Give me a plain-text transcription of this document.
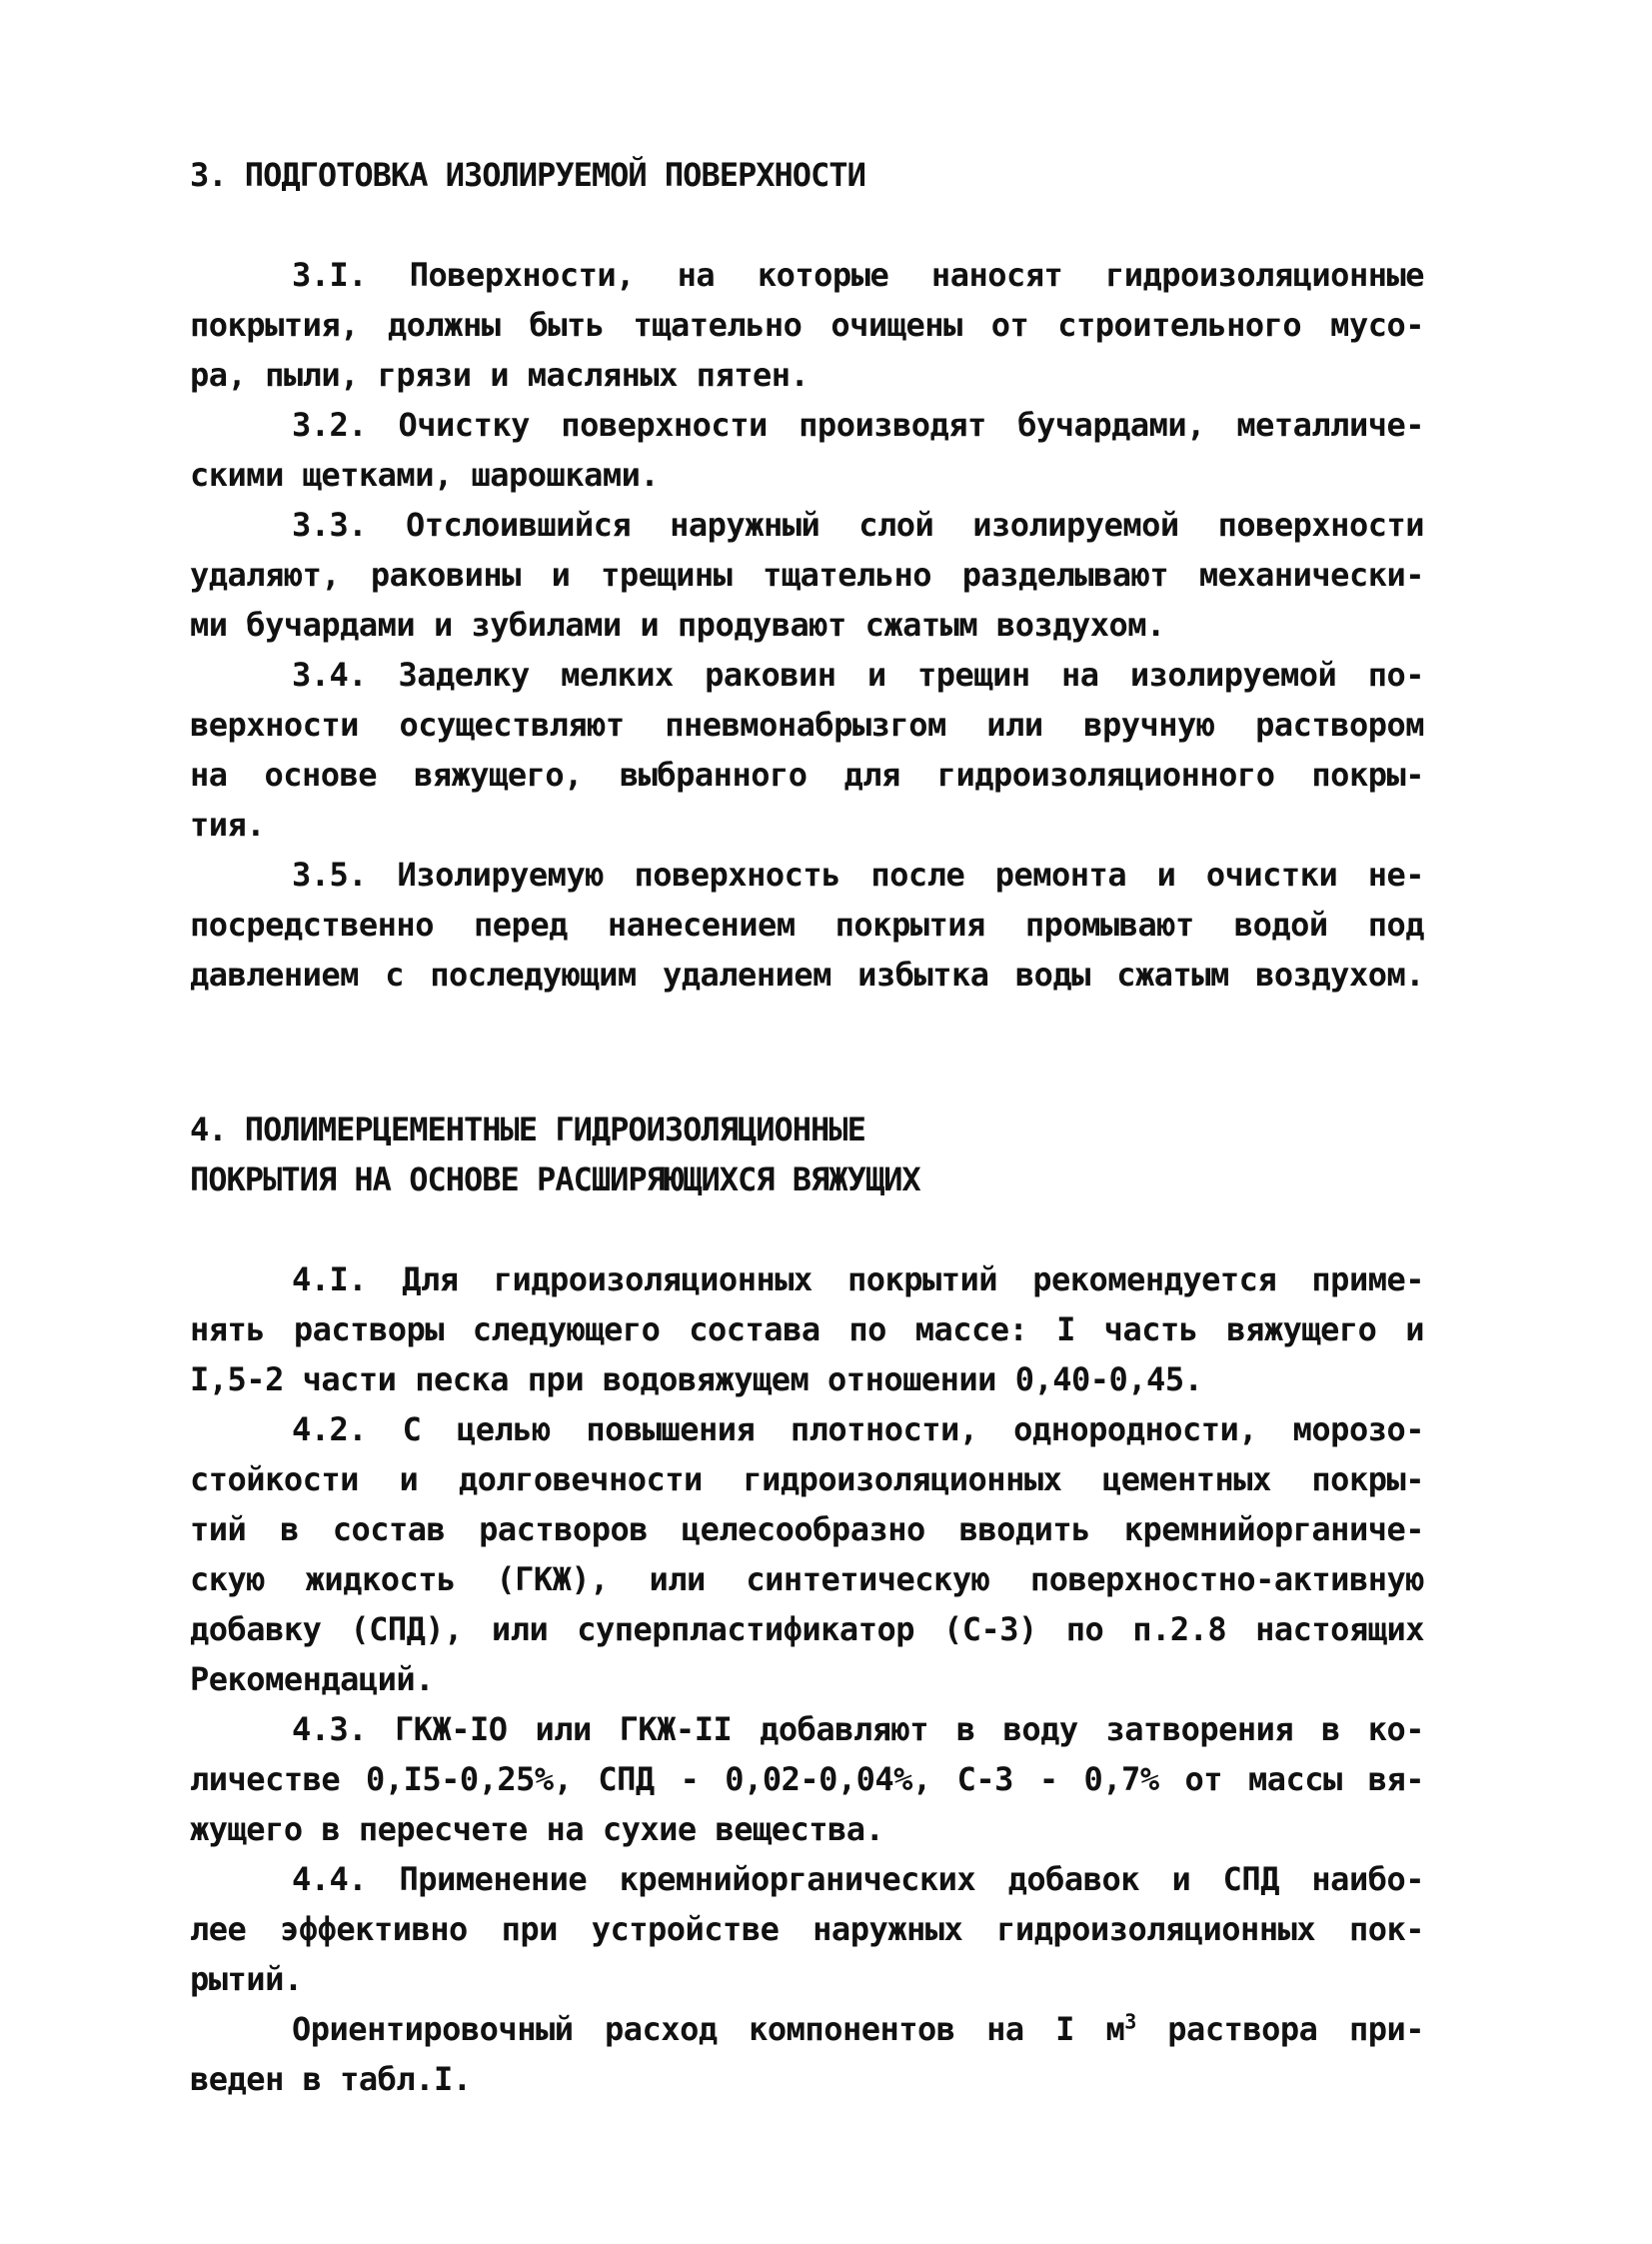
3. ПОДГОТОВКА ИЗОЛИРУЕМОЙ ПОВЕРХНОСТИ

3.I. Поверхности, на которые наносят гидроизоляционные

покрытия, должны быть тщательно очищены от строительного мусо-

ра, пыли, грязи и масляных пятен.

3.2. Очистку поверхности производят бучардами, металличе-

скими щетками, шарошками.

3.3. Отслоившийся наружный слой изолируемой поверхности

удаляют, раковины и трещины тщательно разделывают механически-

ми бучардами и зубилами и продувают сжатым воздухом.

3.4. Заделку мелких раковин и трещин на изолируемой по-

верхности осуществляют пневмонабрызгом или вручную раствором

на основе вяжущего, выбранного для гидроизоляционного покры-

тия.

3.5. Изолируемую поверхность после ремонта и очистки не-

посредственно перед нанесением покрытия промывают водой под

давлением с последующим удалением избытка воды сжатым воздухом.

4. ПОЛИМЕРЦЕМЕНТНЫЕ ГИДРОИЗОЛЯЦИОННЫЕ
ПОКРЫТИЯ НА ОСНОВЕ РАСШИРЯЮЩИХСЯ ВЯЖУЩИХ

4.I. Для гидроизоляционных покрытий рекомендуется приме-

нять растворы следующего состава по массе: I часть вяжущего и

I,5-2 части песка при водовяжущем отношении 0,40-0,45.

4.2. С целью повышения плотности, однородности, морозо-

стойкости и долговечности гидроизоляционных цементных покры-

тий в состав растворов целесообразно вводить кремнийорганиче-

скую жидкость (ГКЖ), или синтетическую поверхностно-активную

добавку (СПД), или суперпластификатор (С-3) по п.2.8 настоящих

Рекомендаций.

4.3. ГКЖ-IO или ГКЖ-II добавляют в воду затворения в ко-

личестве 0,I5-0,25%, СПД - 0,02-0,04%, С-3 - 0,7% от массы вя-

жущего в пересчете на сухие вещества.

4.4. Применение кремнийорганических добавок и СПД наибо-

лее эффективно при устройстве наружных гидроизоляционных пок-

рытий.

Ориентировочный расход компонентов на I $м^3$ раствора при-

веден в табл.I.
